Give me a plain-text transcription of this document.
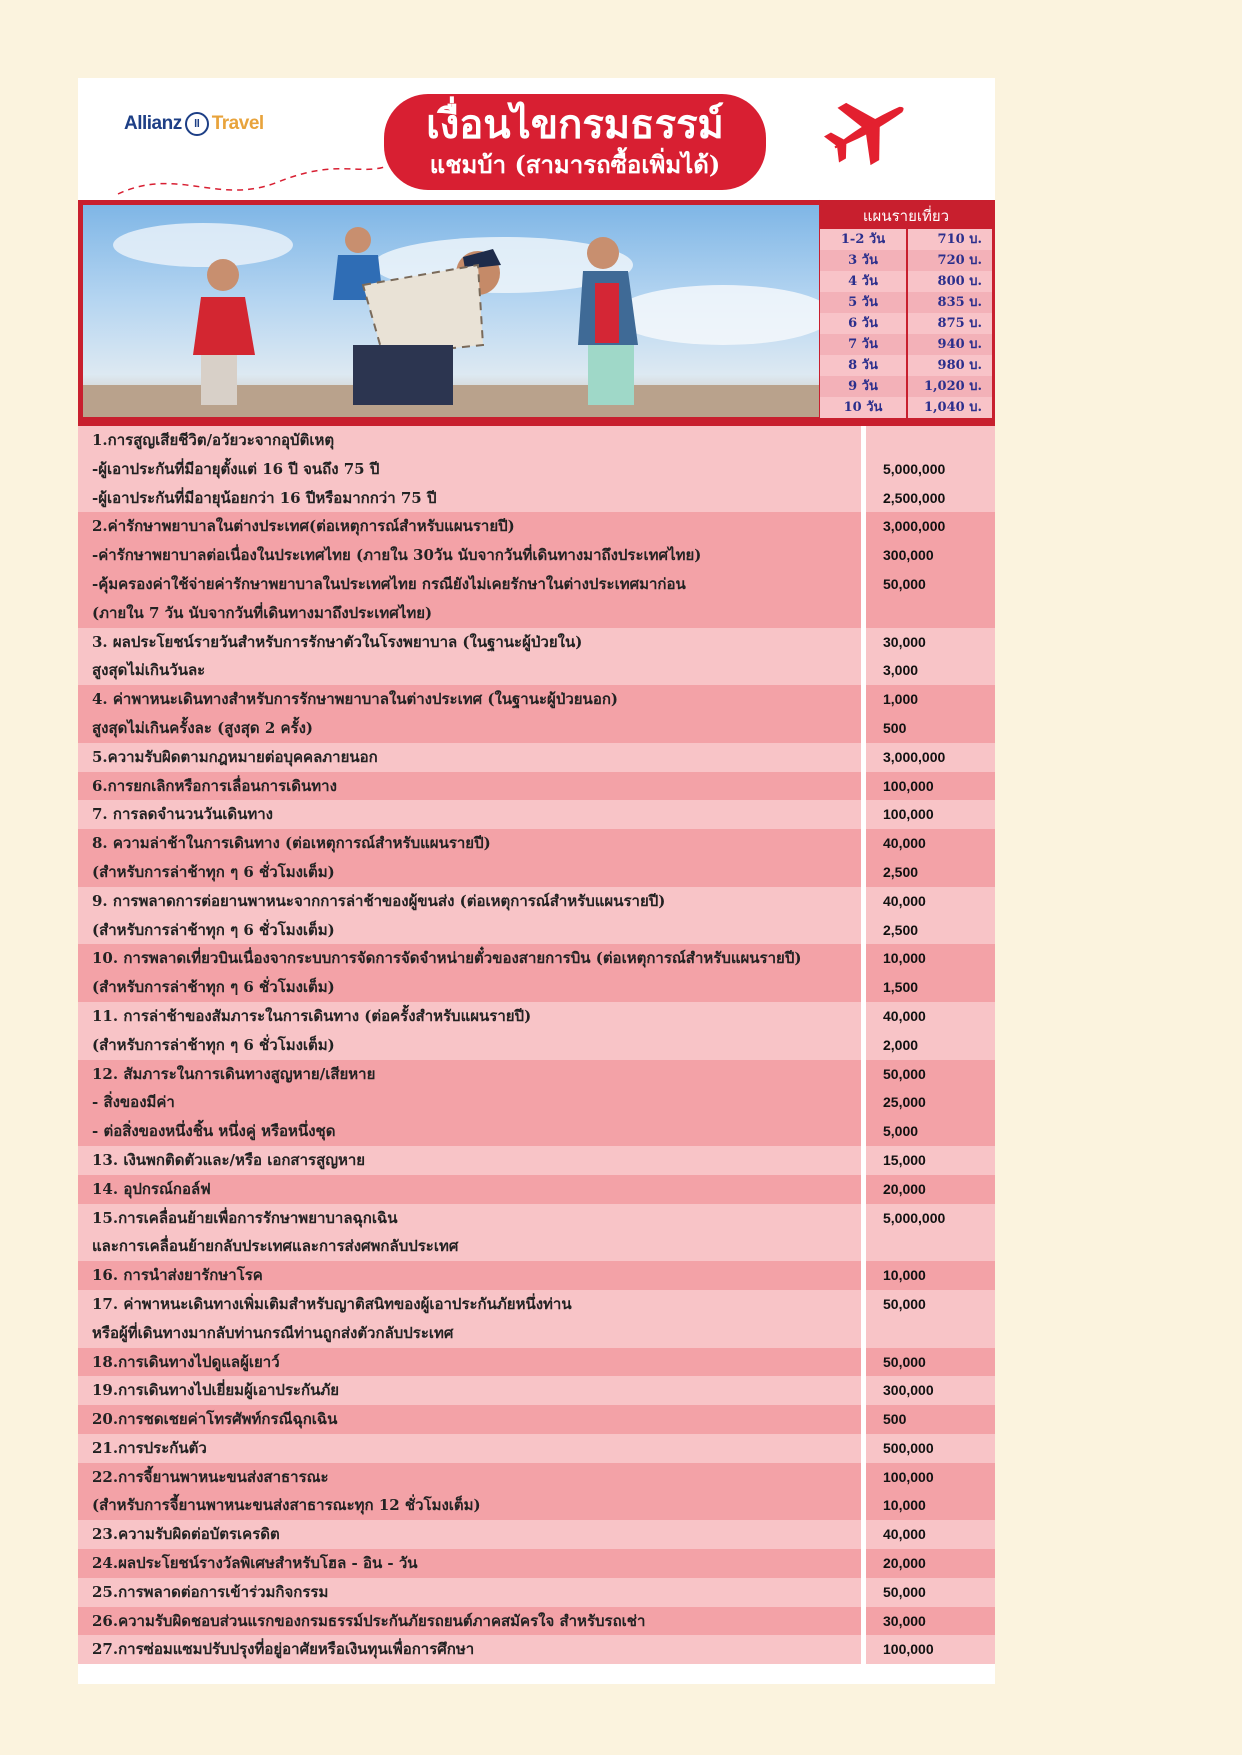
Allianz ll Travel	เงื่อนไขกรมธรรม์
แชมบ้า (สามารถซื้อเพิ่มได้)
แผนรายเที่ยว
1-2 วัน	710 บ.
3 วัน	720 บ.
4 วัน	800 บ.
5 วัน	835 บ.
6 วัน	875 บ.
7 วัน	940 บ.
8 วัน	980 บ.
9 วัน	1,020 บ.
10 วัน	1,040 บ.
1.การสูญเสียชีวิต/อวัยวะจากอุบัติเหตุ
-ผู้เอาประกันที่มีอายุตั้งแต่ 16 ปี จนถึง 75 ปี	5,000,000
-ผู้เอาประกันที่มีอายุน้อยกว่า 16 ปีหรือมากกว่า 75 ปี	2,500,000
2.ค่ารักษาพยาบาลในต่างประเทศ(ต่อเหตุการณ์สำหรับแผนรายปี)	3,000,000
-ค่ารักษาพยาบาลต่อเนื่องในประเทศไทย (ภายใน 30วัน นับจากวันที่เดินทางมาถึงประเทศไทย)	300,000
-คุ้มครองค่าใช้จ่ายค่ารักษาพยาบาลในประเทศไทย กรณียังไม่เคยรักษาในต่างประเทศมาก่อน	50,000
(ภายใน 7 วัน นับจากวันที่เดินทางมาถึงประเทศไทย)
3. ผลประโยชน์รายวันสำหรับการรักษาตัวในโรงพยาบาล (ในฐานะผู้ป่วยใน)	30,000
สูงสุดไม่เกินวันละ	3,000
4. ค่าพาหนะเดินทางสำหรับการรักษาพยาบาลในต่างประเทศ (ในฐานะผู้ป่วยนอก)	1,000
สูงสุดไม่เกินครั้งละ (สูงสุด 2 ครั้ง)	500
5.ความรับผิดตามกฎหมายต่อบุคคลภายนอก	3,000,000
6.การยกเลิกหรือการเลื่อนการเดินทาง	100,000
7. การลดจำนวนวันเดินทาง	100,000
8. ความล่าช้าในการเดินทาง (ต่อเหตุการณ์สำหรับแผนรายปี)	40,000
(สำหรับการล่าช้าทุก ๆ 6 ชั่วโมงเต็ม)	2,500
9. การพลาดการต่อยานพาหนะจากการล่าช้าของผู้ขนส่ง (ต่อเหตุการณ์สำหรับแผนรายปี)	40,000
(สำหรับการล่าช้าทุก ๆ 6 ชั่วโมงเต็ม)	2,500
10. การพลาดเที่ยวบินเนื่องจากระบบการจัดการจัดจำหน่ายตั๋วของสายการบิน (ต่อเหตุการณ์สำหรับแผนรายปี)	10,000
(สำหรับการล่าช้าทุก ๆ 6 ชั่วโมงเต็ม)	1,500
11. การล่าช้าของสัมภาระในการเดินทาง (ต่อครั้งสำหรับแผนรายปี)	40,000
(สำหรับการล่าช้าทุก ๆ 6 ชั่วโมงเต็ม)	2,000
12. สัมภาระในการเดินทางสูญหาย/เสียหาย	50,000
- สิ่งของมีค่า	25,000
- ต่อสิ่งของหนึ่งชิ้น หนึ่งคู่ หรือหนึ่งชุด	5,000
13. เงินพกติดตัวและ/หรือ เอกสารสูญหาย	15,000
14. อุปกรณ์กอล์ฟ	20,000
15.การเคลื่อนย้ายเพื่อการรักษาพยาบาลฉุกเฉิน	5,000,000
และการเคลื่อนย้ายกลับประเทศและการส่งศพกลับประเทศ
16. การนำส่งยารักษาโรค	10,000
17. ค่าพาหนะเดินทางเพิ่มเติมสำหรับญาติสนิทของผู้เอาประกันภัยหนึ่งท่าน	50,000
หรือผู้ที่เดินทางมากลับท่านกรณีท่านถูกส่งตัวกลับประเทศ
18.การเดินทางไปดูแลผู้เยาว์	50,000
19.การเดินทางไปเยี่ยมผู้เอาประกันภัย	300,000
20.การชดเชยค่าโทรศัพท์กรณีฉุกเฉิน	500
21.การประกันตัว	500,000
22.การจี้ยานพาหนะขนส่งสาธารณะ	100,000
(สำหรับการจี้ยานพาหนะขนส่งสาธารณะทุก 12 ชั่วโมงเต็ม)	10,000
23.ความรับผิดต่อบัตรเครดิต	40,000
24.ผลประโยชน์รางวัลพิเศษสำหรับโฮล - อิน - วัน	20,000
25.การพลาดต่อการเข้าร่วมกิจกรรม	50,000
26.ความรับผิดชอบส่วนแรกของกรมธรรม์ประกันภัยรถยนต์ภาคสมัครใจ สำหรับรถเช่า	30,000
27.การซ่อมแซมปรับปรุงที่อยู่อาศัยหรือเงินทุนเพื่อการศึกษา	100,000
